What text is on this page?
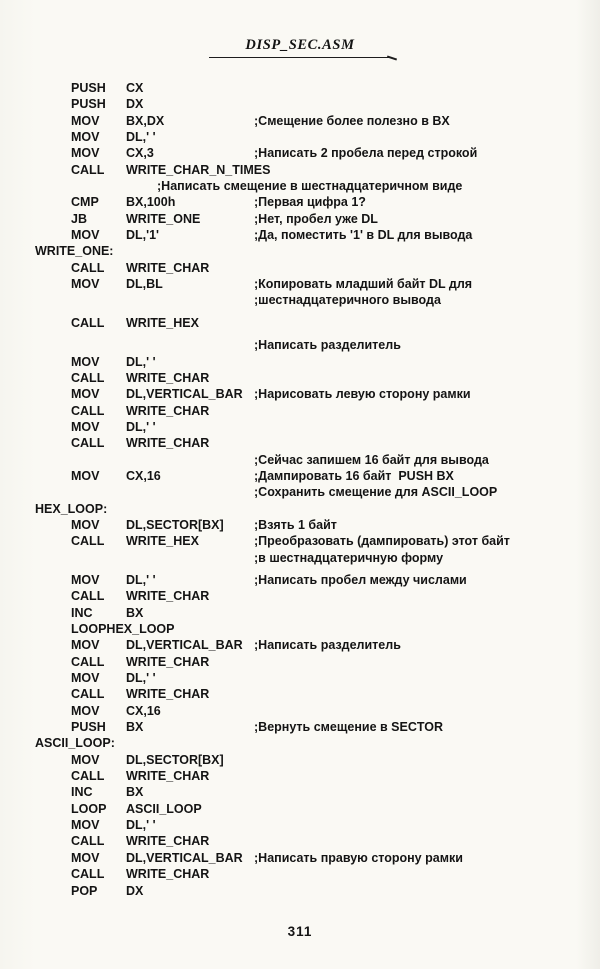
DISP_SEC.ASM
PUSH CX
PUSH DX
MOV BX,DX	;Смещение более полезно в BX
MOV DL,' '
MOV CX,3	;Написать 2 пробела перед строкой
CALL WRITE_CHAR_N_TIMES
;Написать смещение в шестнадцатеричном виде
CMP BX,100h	;Первая цифра 1?
JB	WRITE_ONE	;Нет, пробел уже DL
MOV DL,'1'	;Да, поместить '1' в DL для вывода
WRITE_ONE:
CALL WRITE_CHAR
MOV DL,BL	;Копировать младший байт DL для
;шестнадцатеричного вывода
CALL WRITE_HEX
;Написать разделитель
MOV DL,' '
CALL WRITE_CHAR
MOV DL,VERTICAL_BAR ;Нарисовать левую сторону рамки
CALL WRITE_CHAR
MOV DL,' '
CALL WRITE_CHAR
;Сейчас запишем 16 байт для вывода
MOV CX,16	;Дампировать 16 байт  PUSH BX
;Сохранить смещение для ASCII_LOOP
HEX_LOOP:
MOV DL,SECTOR[BX] ;Взять 1 байт
CALL WRITE_HEX	;Преобразовать (дампировать) этот байт
;в шестнадцатеричную форму
MOV DL,' '	;Написать пробел между числами
CALL WRITE_CHAR
INC	BX
LOOPHEX_LOOP
MOV DL,VERTICAL_BAR ;Написать разделитель
CALL WRITE_CHAR
MOV DL,' '
CALL WRITE_CHAR
MOV CX,16
PUSH BX	;Вернуть смещение в SECTOR
ASCII_LOOP:
MOV DL,SECTOR[BX]
CALL WRITE_CHAR
INC	BX
LOOP ASCII_LOOP
MOV DL,' '
CALL WRITE_CHAR
MOV DL,VERTICAL_BAR ;Написать правую сторону рамки
CALL WRITE_CHAR
POP DX
311
